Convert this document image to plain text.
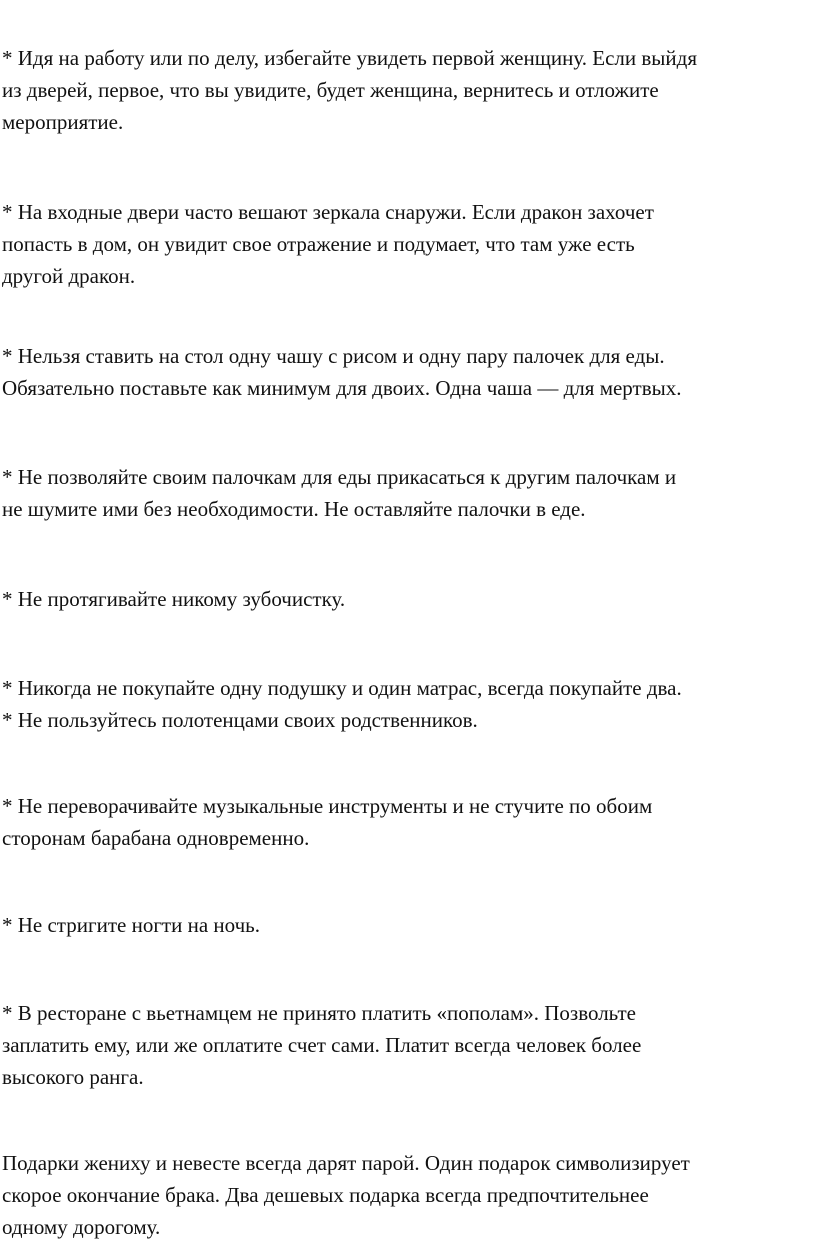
* Идя на работу или по делу, избегайте увидеть первой женщину. Если выйдя
из дверей, первое, что вы увидите, будет женщина, вернитесь и отложите
мероприятие.

* На входные двери часто вешают зеркала снаружи. Если дракон захочет
попасть в дом, он увидит свое отражение и подумает, что там уже есть
другой дракон.

* Нельзя ставить на стол одну чашу с рисом и одну пару палочек для еды.
Обязательно поставьте как минимум для двоих. Одна чаша — для мертвых.

* Не позволяйте своим палочкам для еды прикасаться к другим палочкам и
не шумите ими без необходимости. Не оставляйте палочки в еде.

* Не протягивайте никому зубочистку.

* Никогда не покупайте одну подушку и один матрас, всегда покупайте два.
* Не пользуйтесь полотенцами своих родственников.

* Не переворачивайте музыкальные инструменты и не стучите по обоим
сторонам барабана одновременно.

* Не стригите ногти на ночь.

* В ресторане с вьетнамцем не принято платить «пополам». Позвольте
заплатить ему, или же оплатите счет сами. Платит всегда человек более
высокого ранга.

Подарки жениху и невесте всегда дарят парой. Один подарок символизирует
скорое окончание брака. Два дешевых подарка всегда предпочтительнее
одному дорогому.
